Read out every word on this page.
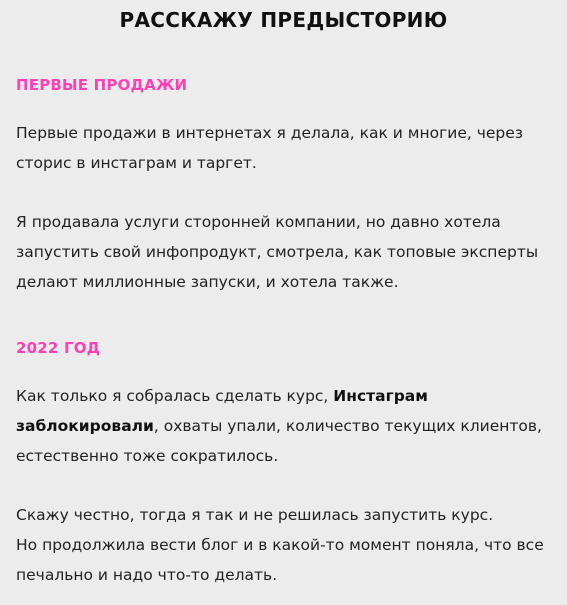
РАССКАЖУ ПРЕДЫСТОРИЮ
ПЕРВЫЕ ПРОДАЖИ
Первые продажи в интернетах я делала, как и многие, через
сторис в инстаграм и таргет.
Я продавала услуги сторонней компании, но давно хотела
запустить свой инфопродукт, смотрела, как топовые эксперты
делают миллионные запуски, и хотела также.
2022 ГОД
Как только я собралась сделать курс, Инстаграм
заблокировали, охваты упали, количество текущих клиентов,
естественно тоже сократилось.
Скажу честно, тогда я так и не решилась запустить курс.
Но продолжила вести блог и в какой-то момент поняла, что все
печально и надо что-то делать.
